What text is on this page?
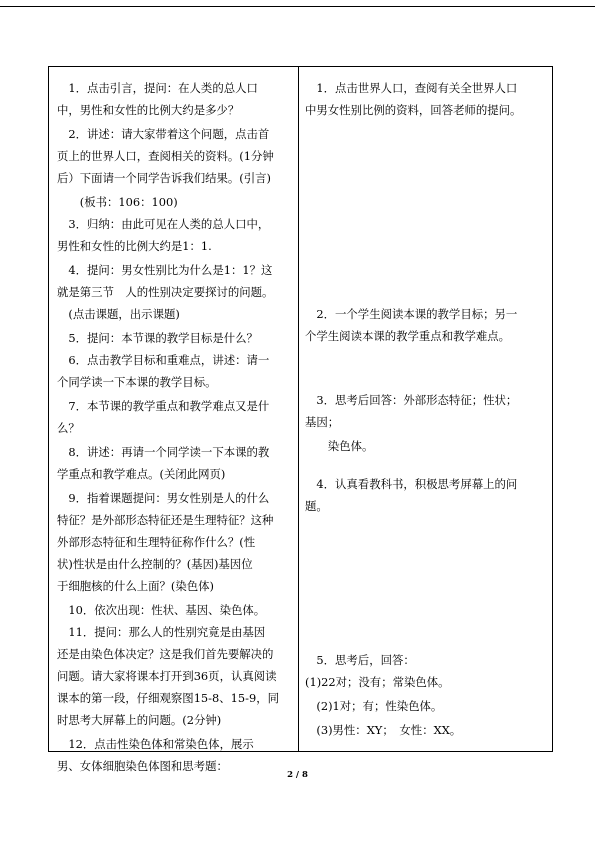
　1．点击引言，提问：在人类的总人口
中，男性和女性的比例大约是多少？
　2．讲述：请大家带着这个问题，点击首
页上的世界人口，查阅相关的资料。(1分钟
后）下面请一个同学告诉我们结果。(引言)
　　(板书：106：100)
　3．归纳：由此可见在人类的总人口中，
男性和女性的比例大约是1：1.
　4．提问：男女性别比为什么是1：1？这
就是第三节　人的性别决定要探讨的问题。
　(点击课题，出示课题)
　5．提问：本节课的教学目标是什么？
　6．点击教学目标和重难点，讲述：请一
个同学读一下本课的教学目标。
　7．本节课的教学重点和教学难点又是什
么？
　8．讲述：再请一个同学读一下本课的教
学重点和教学难点。(关闭此网页)
　9．指着课题提问：男女性别是人的什么
特征？是外部形态特征还是生理特征？这种
外部形态特征和生理特征称作什么？(性
状)性状是由什么控制的？(基因)基因位
于细胞核的什么上面？(染色体)
　10．依次出现：性状、基因、染色体。
　11．提问：那么人的性别究竟是由基因
还是由染色体决定？这是我们首先要解决的
问题。请大家将课本打开到36页，认真阅读
课本的第一段，仔细观察图15-8、15-9，同
时思考大屏幕上的问题。(2分钟)
　12．点击性染色体和常染色体，展示
男、女体细胞染色体图和思考题：

　1．点击世界人口，查阅有关全世界人口
中男女性别比例的资料，回答老师的提问。
　2．一个学生阅读本课的教学目标；另一
个学生阅读本课的教学重点和教学难点。
　3．思考后回答：外部形态特征；性状；
基因；
　　染色体。
　4．认真看教科书，积极思考屏幕上的问
题。
　5．思考后，回答：
(1)22对；没有；常染色体。
　(2)1对；有；性染色体。
　(3)男性：XY；　女性：XX。
2 / 8
